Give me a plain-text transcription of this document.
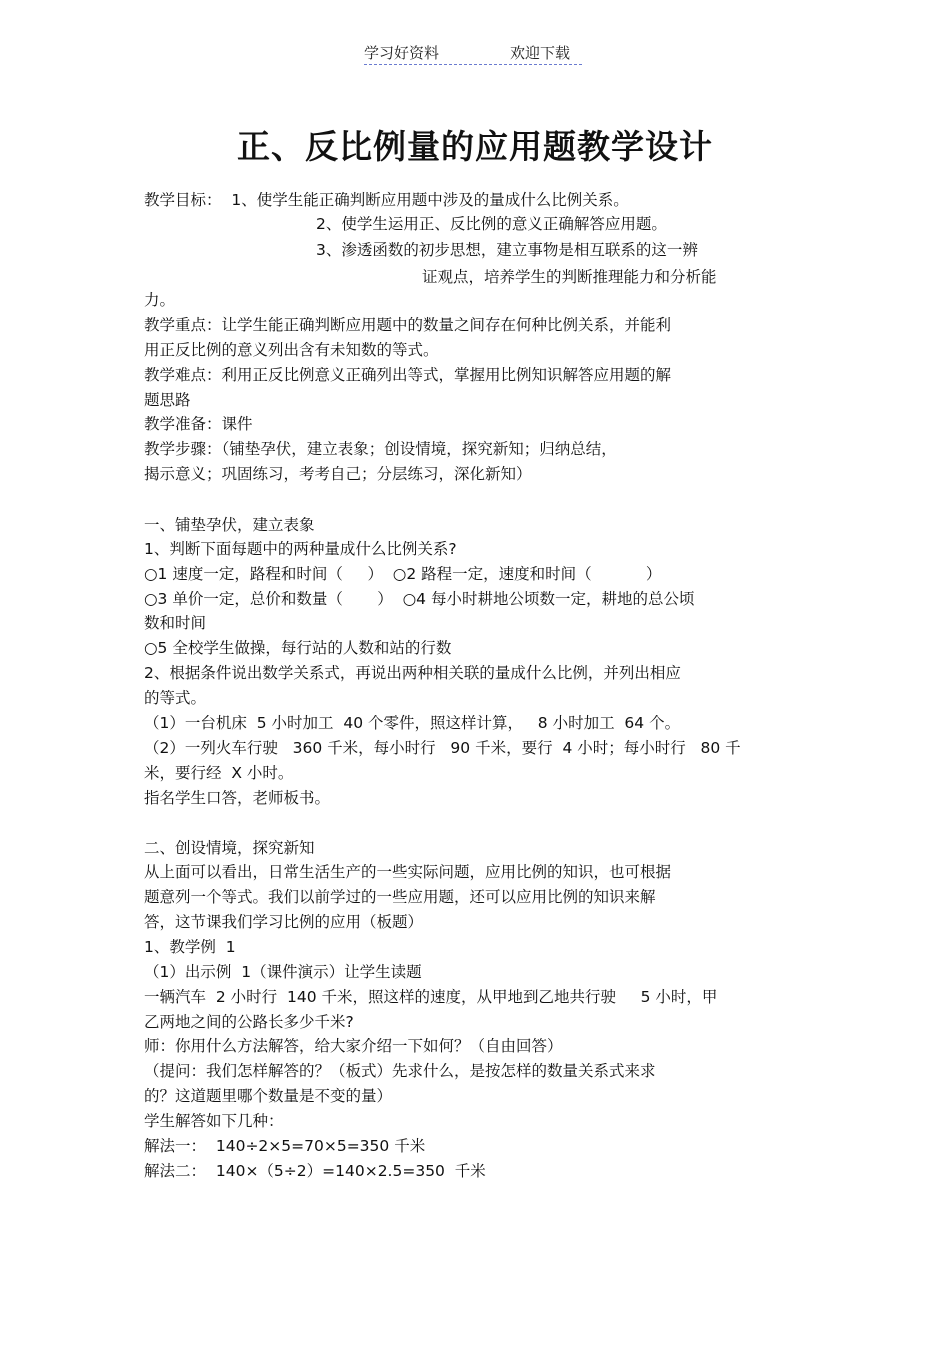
学习好资料	欢迎下载
正、反比例量的应用题教学设计
教学目标：  1、使学生能正确判断应用题中涉及的量成什么比例关系。
2、使学生运用正、反比例的意义正确解答应用题。
3、渗透函数的初步思想，建立事物是相互联系的这一辨
证观点，培养学生的判断推理能力和分析能
力。
教学重点：让学生能正确判断应用题中的数量之间存在何种比例关系，并能利
用正反比例的意义列出含有未知数的等式。
教学难点：利用正反比例意义正确列出等式，掌握用比例知识解答应用题的解
题思路
教学准备：课件
教学步骤：（铺垫孕伏，建立表象；创设情境，探究新知；归纳总结，
揭示意义；巩固练习，考考自己；分层练习，深化新知）
一、铺垫孕伏，建立表象
1、判断下面每题中的两种量成什么比例关系?
○1 速度一定，路程和时间（     ）  ○2 路程一定，速度和时间（           ）
○3 单价一定，总价和数量（       ）  ○4 每小时耕地公顷数一定，耕地的总公顷
数和时间
○5 全校学生做操，每行站的人数和站的行数
2、根据条件说出数学关系式，再说出两种相关联的量成什么比例，并列出相应
的等式。
（1）一台机床  5 小时加工  40 个零件，照这样计算，   8 小时加工  64 个。
（2）一列火车行驶   360 千米，每小时行   90 千米，要行  4 小时；每小时行   80 千
米，要行经  X 小时。
指名学生口答，老师板书。
二、创设情境，探究新知
从上面可以看出，日常生活生产的一些实际问题，应用比例的知识，也可根据
题意列一个等式。我们以前学过的一些应用题，还可以应用比例的知识来解
答，这节课我们学习比例的应用（板题）
1、教学例  1
（1）出示例  1（课件演示）让学生读题
一辆汽车  2 小时行  140 千米，照这样的速度，从甲地到乙地共行驶     5 小时，甲
乙两地之间的公路长多少千米?
师：你用什么方法解答，给大家介绍一下如何？（自由回答）
（提问：我们怎样解答的？（板式）先求什么，是按怎样的数量关系式来求
的？这道题里哪个数量是不变的量）
学生解答如下几种：
解法一：  140÷2×5=70×5=350 千米
解法二：  140×（5÷2）=140×2.5=350  千米
